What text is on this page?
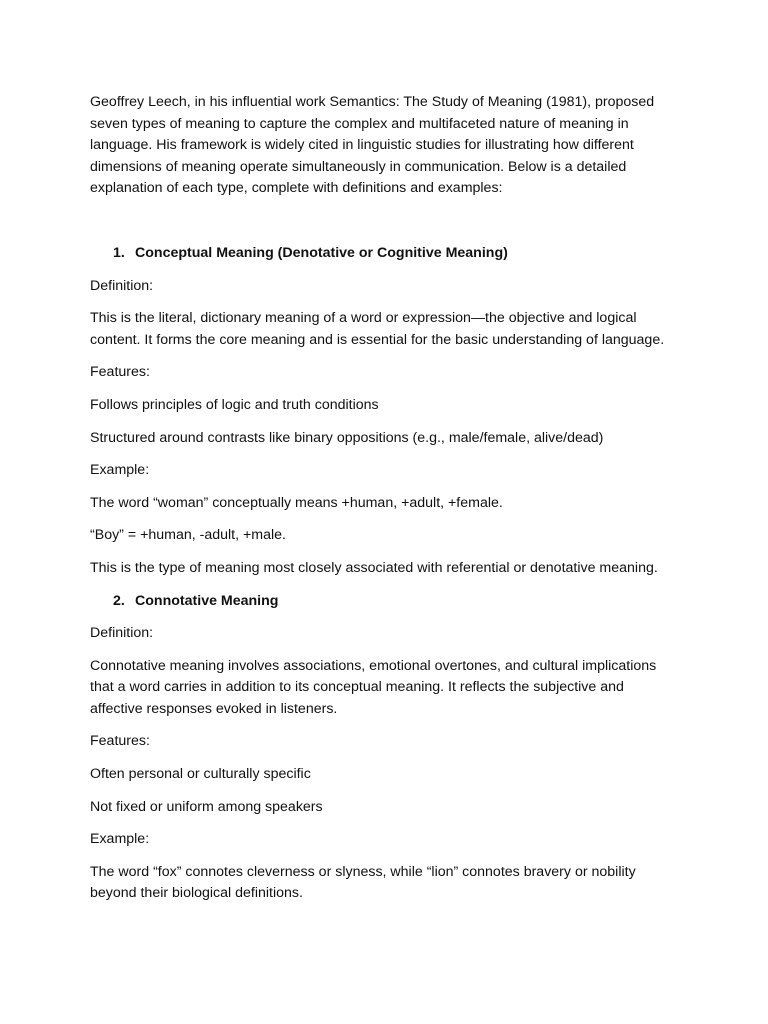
Geoffrey Leech, in his influential work Semantics: The Study of Meaning (1981), proposed seven types of meaning to capture the complex and multifaceted nature of meaning in language. His framework is widely cited in linguistic studies for illustrating how different dimensions of meaning operate simultaneously in communication. Below is a detailed explanation of each type, complete with definitions and examples:

1. Conceptual Meaning (Denotative or Cognitive Meaning)

Definition:

This is the literal, dictionary meaning of a word or expression—the objective and logical content. It forms the core meaning and is essential for the basic understanding of language.

Features:

Follows principles of logic and truth conditions

Structured around contrasts like binary oppositions (e.g., male/female, alive/dead)

Example:

The word “woman” conceptually means +human, +adult, +female.

“Boy” = +human, -adult, +male.

This is the type of meaning most closely associated with referential or denotative meaning.

2. Connotative Meaning

Definition:

Connotative meaning involves associations, emotional overtones, and cultural implications that a word carries in addition to its conceptual meaning. It reflects the subjective and affective responses evoked in listeners.

Features:

Often personal or culturally specific

Not fixed or uniform among speakers

Example:

The word “fox” connotes cleverness or slyness, while “lion” connotes bravery or nobility beyond their biological definitions.
